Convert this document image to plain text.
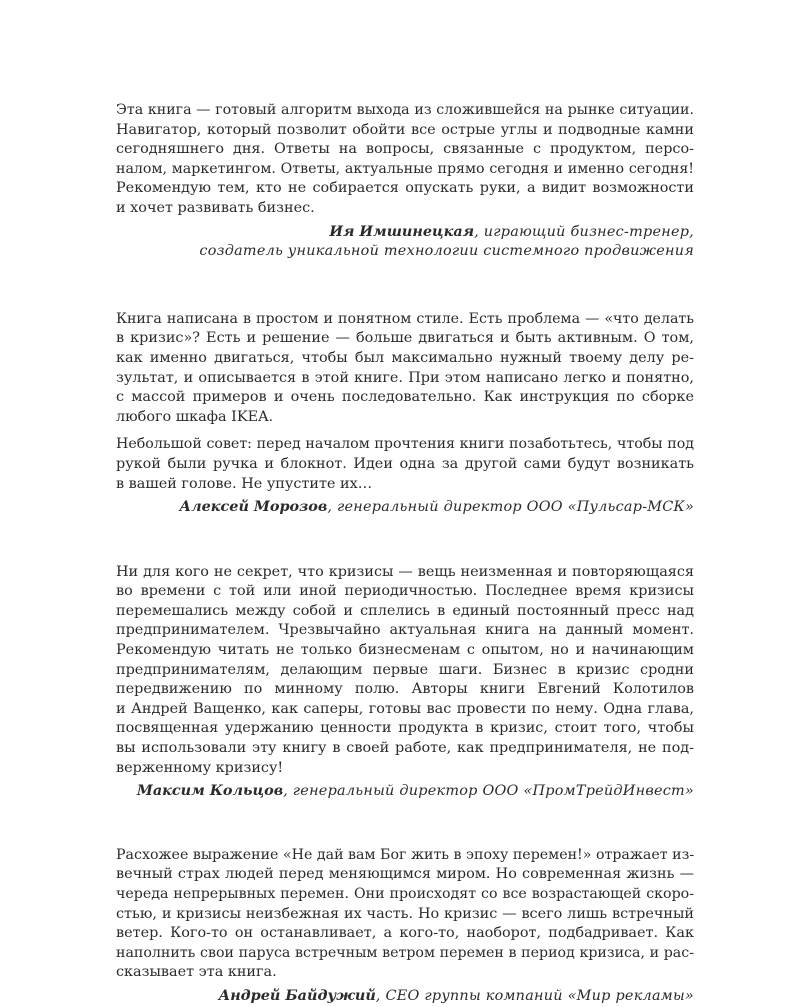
Эта книга — готовый алгоритм выхода из сложившейся на рынке ситуации.
Навигатор, который позволит обойти все острые углы и подводные камни
сегодняшнего дня. Ответы на вопросы, связанные с продуктом, персо-
налом, маркетингом. Ответы, актуальные прямо сегодня и именно сегодня!
Рекомендую тем, кто не собирается опускать руки, а видит возможности
и хочет развивать бизнес.

Ия Имшинецкая, играющий бизнес-тренер,
создатель уникальной технологии системного продвижения

Книга написана в простом и понятном стиле. Есть проблема — «что делать
в кризис»? Есть и решение — больше двигаться и быть активным. О том,
как именно двигаться, чтобы был максимально нужный твоему делу ре-
зультат, и описывается в этой книге. При этом написано легко и понятно,
с массой примеров и очень последовательно. Как инструкция по сборке
любого шкафа IKEA.

Небольшой совет: перед началом прочтения книги позаботьтесь, чтобы под
рукой были ручка и блокнот. Идеи одна за другой сами будут возникать
в вашей голове. Не упустите их…

Алексей Морозов, генеральный директор ООО «Пульсар-МСК»

Ни для кого не секрет, что кризисы — вещь неизменная и повторяющаяся
во времени с той или иной периодичностью. Последнее время кризисы
перемешались между собой и сплелись в единый постоянный пресс над
предпринимателем. Чрезвычайно актуальная книга на данный момент.
Рекомендую читать не только бизнесменам с опытом, но и начинающим
предпринимателям, делающим первые шаги. Бизнес в кризис сродни
передвижению по минному полю. Авторы книги Евгений Колотилов
и Андрей Ващенко, как саперы, готовы вас провести по нему. Одна глава,
посвященная удержанию ценности продукта в кризис, стоит того, чтобы
вы использовали эту книгу в своей работе, как предпринимателя, не под-
верженному кризису!

Максим Кольцов, генеральный директор ООО «ПромТрейдИнвест»

Расхожее выражение «Не дай вам Бог жить в эпоху перемен!» отражает из-
вечный страх людей перед меняющимся миром. Но современная жизнь —
череда непрерывных перемен. Они происходят со все возрастающей скоро-
стью, и кризисы неизбежная их часть. Но кризис — всего лишь встречный
ветер. Кого-то он останавливает, а кого-то, наоборот, подбадривает. Как
наполнить свои паруса встречным ветром перемен в период кризиса, и рас-
сказывает эта книга.

Андрей Байдужий, CEO группы компаний «Мир рекламы»
